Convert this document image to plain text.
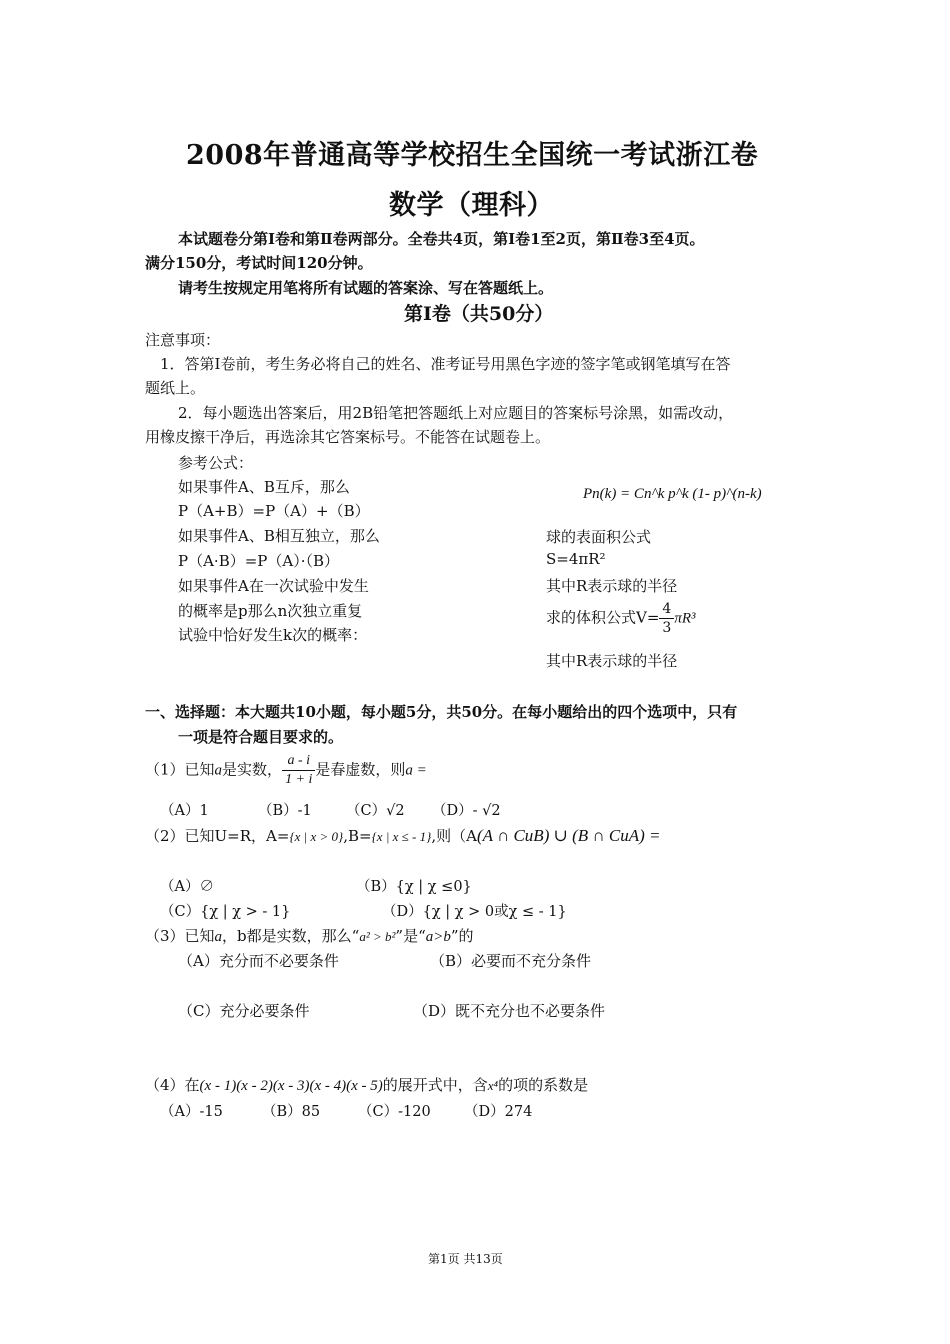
2008年普通高等学校招生全国统一考试浙江卷
数学（理科）
本试题卷分第Ⅰ卷和第Ⅱ卷两部分。全卷共4页，第Ⅰ卷1至2页，第Ⅱ卷3至4页。
满分150分，考试时间120分钟。
请考生按规定用笔将所有试题的答案涂、写在答题纸上。
第Ⅰ卷（共50分）
注意事项：
1．答第Ⅰ卷前，考生务必将自己的姓名、准考证号用黑色字迹的签字笔或钢笔填写在答
题纸上。
2．每小题选出答案后，用2B铅笔把答题纸上对应题目的答案标号涂黑，如需改动，
用橡皮擦干净后，再选涂其它答案标号。不能答在试题卷上。
参考公式：
如果事件A、B互斥，那么
P（A+B）=P（A）+（B）
如果事件A、B相互独立，那么
P（A·B）=P（A）·（B）
如果事件A在一次试验中发生
的概率是p那么n次独立重复
试验中恰好发生k次的概率：
Pn(k) = Cn^k p^k (1- p)^(n-k)
球的表面积公式
S=4πR²
其中R表示球的半径
求的体积公式$V= \frac{4}{3} \pi R^3$
其中R表示球的半径
一、选择题：本大题共10小题，每小题5分，共50分。在每小题给出的四个选项中，只有
一项是符合题目要求的。
（1）已知a是实数， $\frac{a - i}{1 + i}$ 是春虚数，则a =
（A）1	（B）-1 （C）√2 （D）- √2
（2）已知U=R，A={x | x > 0},B={x | x ≤ - 1},则（A(A ∩ CuB) ∪ (B ∩ CuA) =
（A）∅	（B）{χ | χ ≤0}
（C）{χ | χ > - 1}	（D）{χ | χ > 0或χ ≤ - 1}
（3）已知a，b都是实数，那么“a² > b²”是“a>b”的
（A）充分而不必要条件	（B）必要而不充分条件
（C）充分必要条件	（D）既不充分也不必要条件
（4）在(x - 1)(x - 2)(x - 3)(x - 4)(x - 5)的展开式中，含x⁴的项的系数是
（A）-15	（B）85	（C）-120 （D）274
第1页 共13页
